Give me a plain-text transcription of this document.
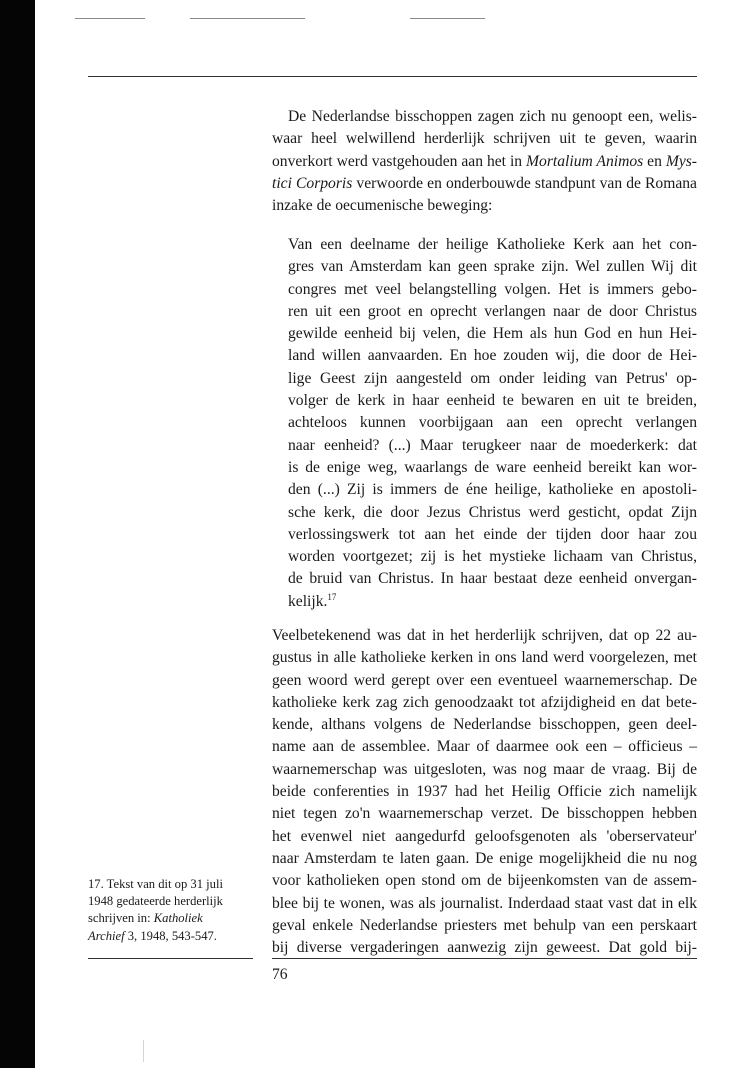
De Nederlandse bisschoppen zagen zich nu genoopt een, welis- waar heel welwillend herderlijk schrijven uit te geven, waarin onverkort werd vastgehouden aan het in Mortalium Animos en Mys- tici Corporis verwoorde en onderbouwde standpunt van de Romana inzake de oecumenische beweging:
Van een deelname der heilige Katholieke Kerk aan het con-
gres van Amsterdam kan geen sprake zijn. Wel zullen Wij dit
congres met veel belangstelling volgen. Het is immers gebo-
ren uit een groot en oprecht verlangen naar de door Christus
gewilde eenheid bij velen, die Hem als hun God en hun Hei-
land willen aanvaarden. En hoe zouden wij, die door de Hei-
lige Geest zijn aangesteld om onder leiding van Petrus' op-
volger de kerk in haar eenheid te bewaren en uit te breiden,
achteloos kunnen voorbijgaan aan een oprecht verlangen
naar eenheid? (...) Maar terugkeer naar de moederkerk: dat
is de enige weg, waarlangs de ware eenheid bereikt kan wor-
den (...) Zij is immers de éne heilige, katholieke en apostoli-
sche kerk, die door Jezus Christus werd gesticht, opdat Zijn
verlossingswerk tot aan het einde der tijden door haar zou
worden voortgezet; zij is het mystieke lichaam van Christus,
de bruid van Christus. In haar bestaat deze eenheid onvergan-
kelijk.$^{17}$
Veelbetekenend was dat in het herderlijk schrijven, dat op 22 au-
gustus in alle katholieke kerken in ons land werd voorgelezen, met
geen woord werd gerept over een eventueel waarnemerschap. De
katholieke kerk zag zich genoodzaakt tot afzijdigheid en dat bete-
kende, althans volgens de Nederlandse bisschoppen, geen deel-
name aan de assemblee. Maar of daarmee ook een – officieus –
waarnemerschap was uitgesloten, was nog maar de vraag. Bij de
beide conferenties in 1937 had het Heilig Officie zich namelijk
niet tegen zo'n waarnemerschap verzet. De bisschoppen hebben
het evenwel niet aangedurfd geloofsgenoten als 'oberservateur'
naar Amsterdam te laten gaan. De enige mogelijkheid die nu nog
voor katholieken open stond om de bijeenkomsten van de assem-
blee bij te wonen, was als journalist. Inderdaad staat vast dat in elk
geval enkele Nederlandse priesters met behulp van een perskaart
bij diverse vergaderingen aanwezig zijn geweest. Dat gold bij-
17. Tekst van dit op 31 juli
1948 gedateerde herderlijk
schrijven in: Katholiek
Archief 3, 1948, 543-547.
76
